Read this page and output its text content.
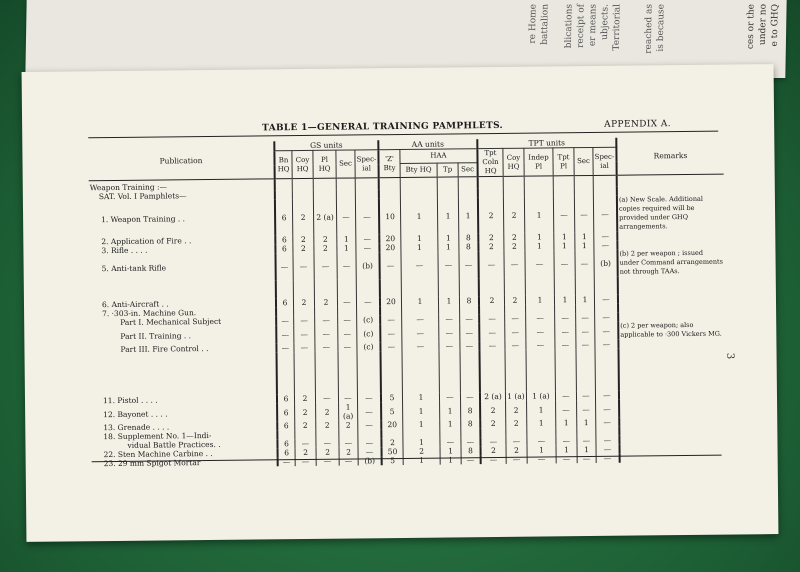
e to GHQ
under no
ces or the
is because
reached as
Territorial
ubjects.
er means
receipt of
blications
battalion
re Home
TABLE 1—GENERAL TRAINING PAMPHLETS.	APPENDIX A.
3
Publication	GS units					AA units				TPT units						Remarks
	Bn HQ	Coy HQ	Pl HQ	Sec	Spec-ial	'Z' Bty	HAA			Tpt Coln HQ	Coy HQ	Indep Pl	Tpt Pl	Sec	Spec-ial	
							Bty HQ	Tp	Sec							
Weapon Training :—																
SAT. Vol. I Pamphlets—																
1. Weapon Training . .	6	2	2 (a)	—	—	10	1	1	1	2	2	1	—	—	—	(a) New Scale. Additional copies required will be provided under GHQ arrangements.
2. Application of Fire . .	6	2	2	1	—	20	1	1	8	2	2	1	1	1	—	
3. Rifle . . . .	6	2	2	1	—	20	1	1	8	2	2	1	1	1	—	
5. Anti-tank Rifle	—	—	—	—	(b)	—	—	—	—	—	—	—	—	—	(b)	(b) 2 per weapon ; issued under Command arrangements not through TAAs.

6. Anti-Aircraft . .	6	2	2	—	—	20	1	1	8	2	2	1	1	1	—	
7. ·303-in. Machine Gun.																
Part I. Mechanical Subject	—	—	—	—	(c)	—	—	—	—	—	—	—	—	—	—	
Part II. Training . .	—	—	—	—	(c)	—	—	—	—	—	—	—	—	—	—	(c) 2 per weapon; also applicable to ·300 Vickers MG.
Part III. Fire Control . .	—	—	—	—	(c)	—	—	—	—	—	—	—	—	—	—	

11. Pistol . . . .	6	2	—	—	—	5	1	—	—	2 (a)	1 (a)	1 (a)	—	—	—	
12. Bayonet . . . .	6	2	2	1 (a)	—	5	1	1	8	2	2	1	—	—	—	
13. Grenade . . . .	6	2	2	2	—	20	1	1	8	2	2	1	1	1	—	
18. Supplement No. 1—Indi-																
vidual Battle Practices. .	6	—	—	—	—	2	1	—	—	—	—	—	—	—	—	
22. Sten Machine Carbine . .	6	2	2	2	—	50	2	1	8	2	2	1	1	1	—	
23. 29 mm Spigot Mortar	—	—	—	—	(b)	5	1	1	—	—	—	—	—	—	—	
